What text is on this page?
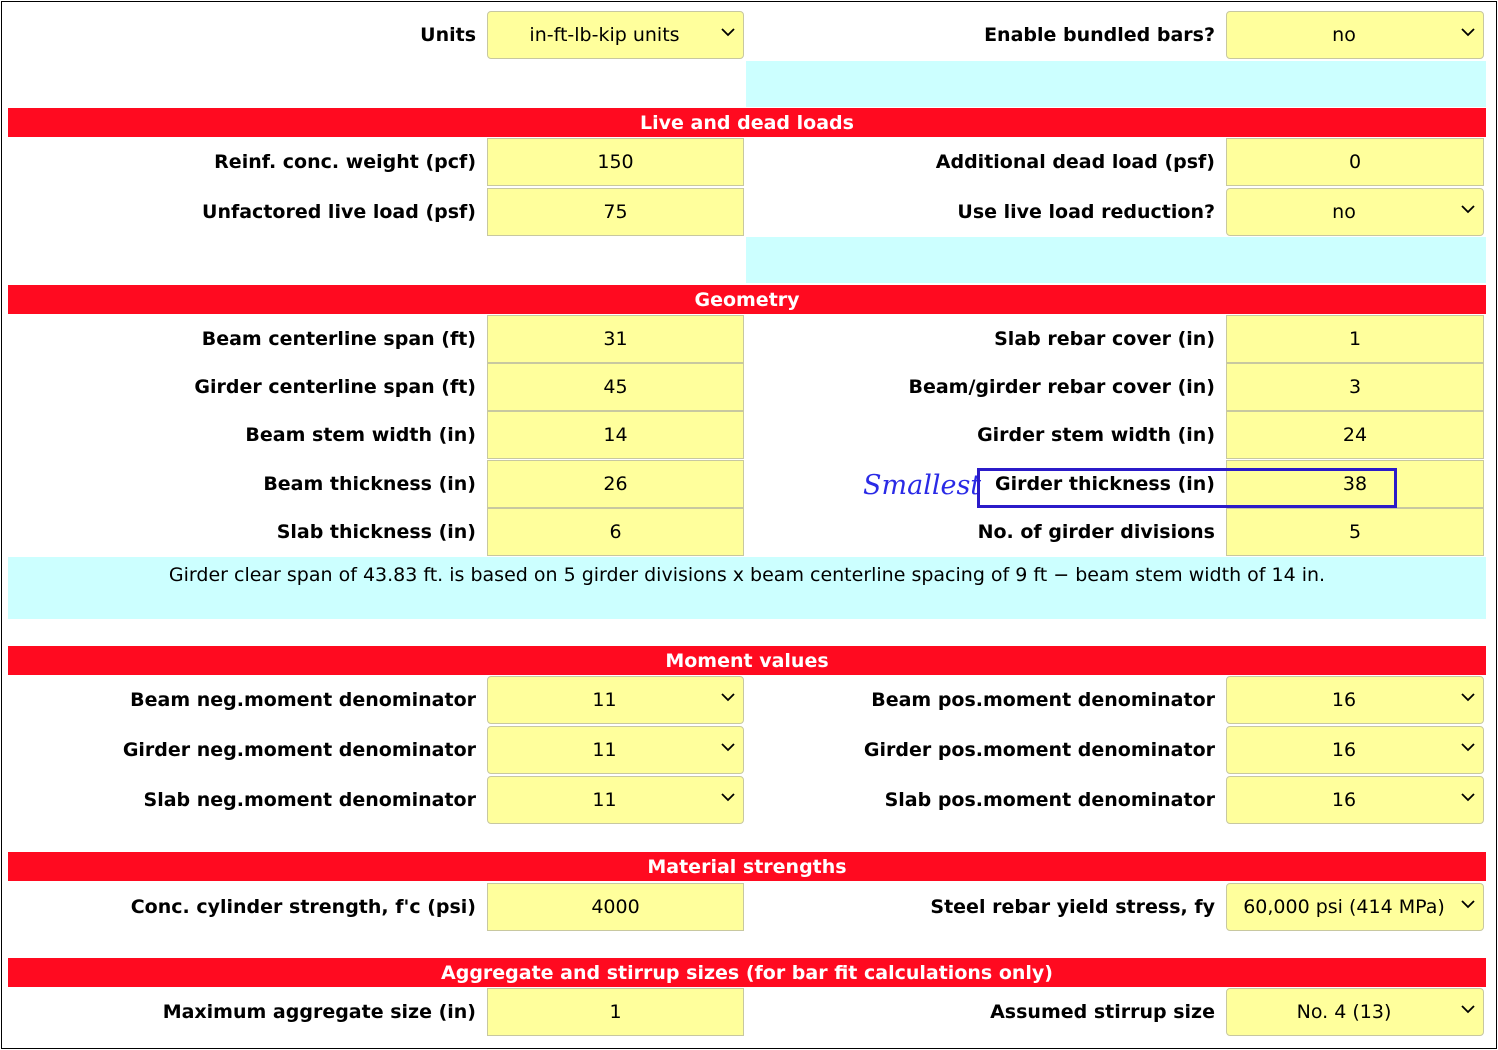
Units	in-ft-lb-kip units	Enable bundled bars?	no
Live and dead loads
Reinf. conc. weight (pcf)	150	Additional dead load (psf)	0
Unfactored live load (psf)	75	Use live load reduction?	no
Geometry
Beam centerline span (ft)	31	Slab rebar cover (in)	1
Girder centerline span (ft)	45	Beam/girder rebar cover (in)	3
Beam stem width (in)	14	Girder stem width (in)	24
Beam thickness (in)	26	Smallest Girder thickness (in)	38
Slab thickness (in)	6	No. of girder divisions	5
Girder clear span of 43.83 ft. is based on 5 girder divisions x beam centerline spacing of 9 ft − beam stem width of 14 in.
Moment values
Beam neg.moment denominator	11	Beam pos.moment denominator	16
Girder neg.moment denominator	11	Girder pos.moment denominator	16
Slab neg.moment denominator	11	Slab pos.moment denominator	16
Material strengths
Conc. cylinder strength, f'c (psi)	4000	Steel rebar yield stress, fy	60,000 psi (414 MPa)
Aggregate and stirrup sizes (for bar fit calculations only)
Maximum aggregate size (in)	1	Assumed stirrup size	No. 4 (13)
